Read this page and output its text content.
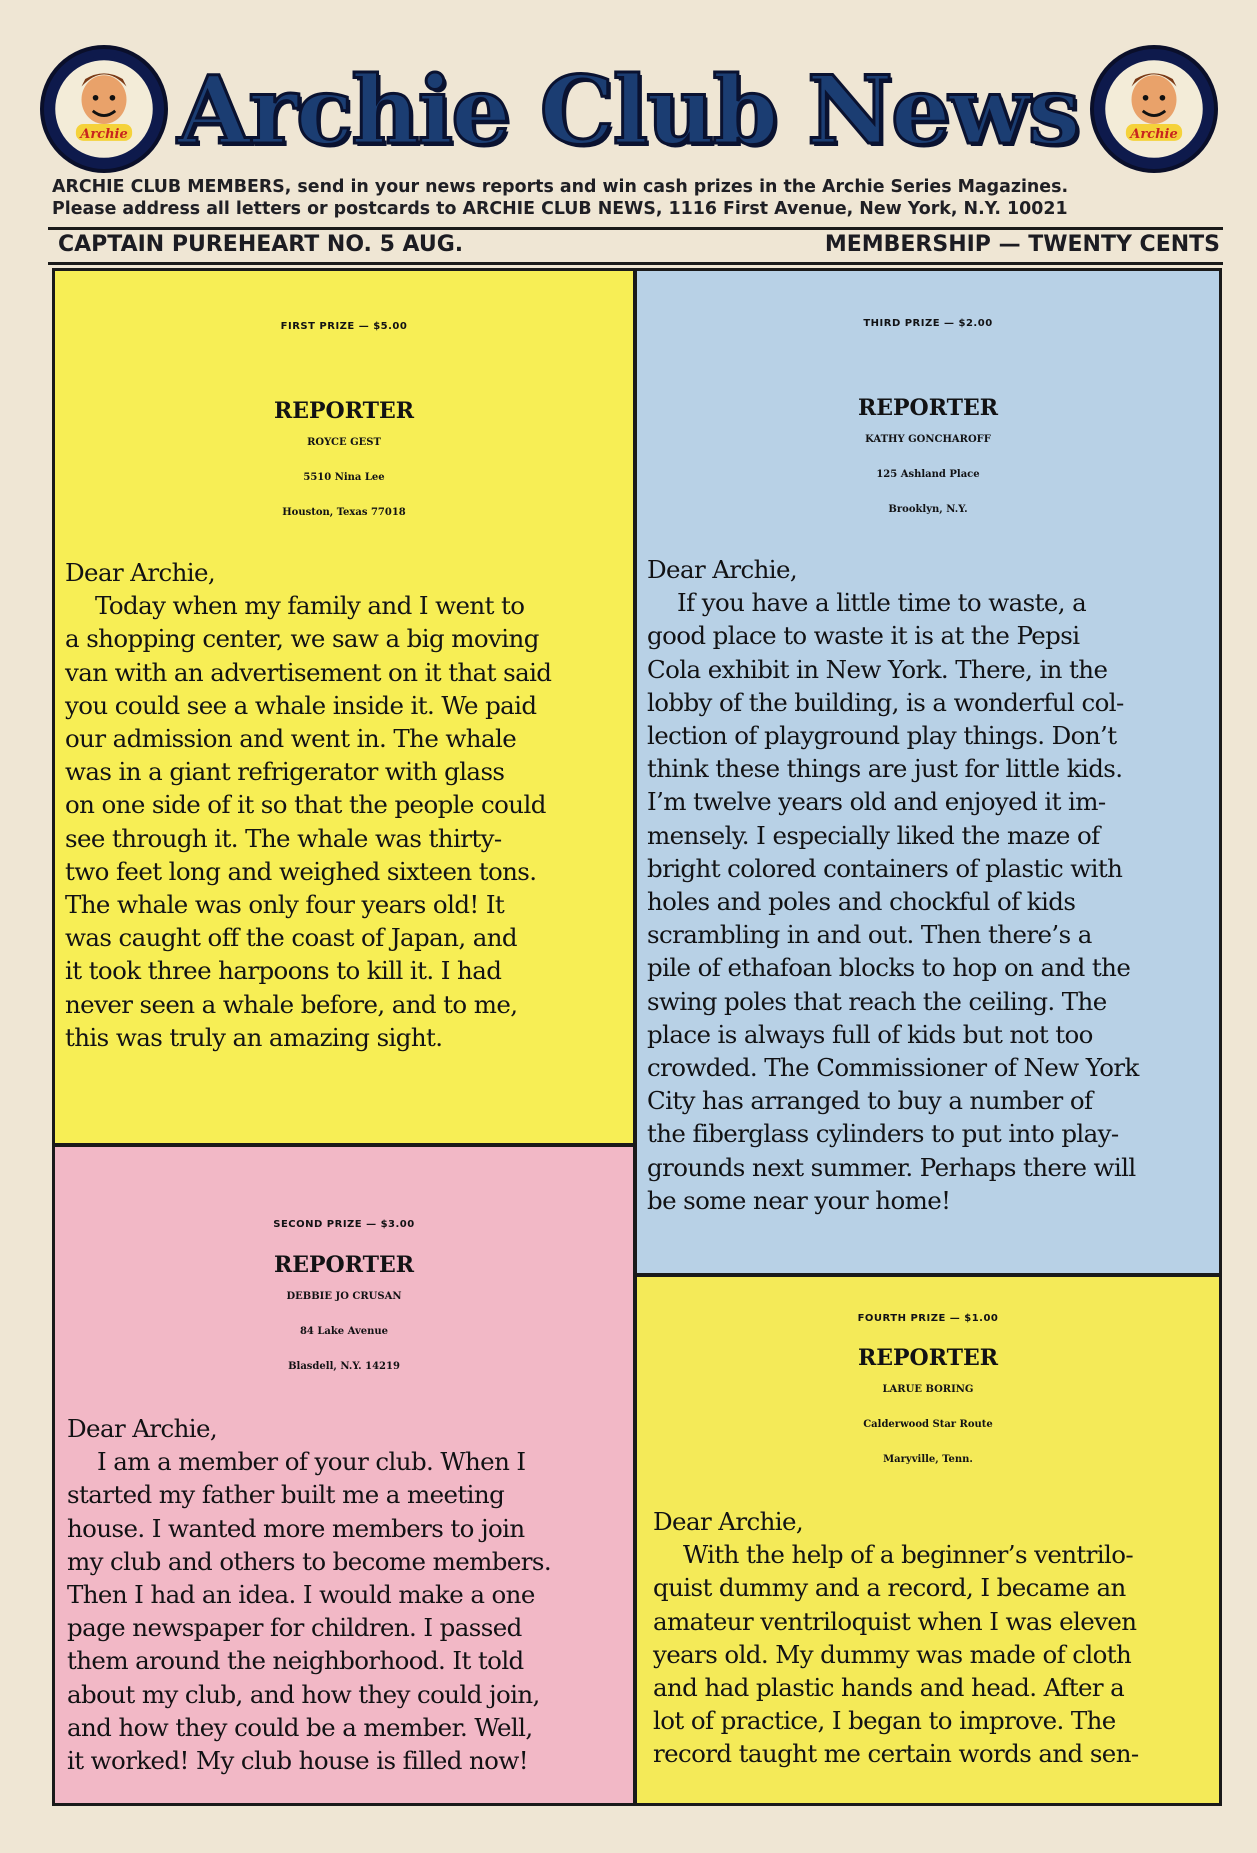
Archie Archie Club News	Archie
ARCHIE CLUB MEMBERS, send in your news reports and win cash prizes in the Archie Series Magazines.
Please address all letters or postcards to ARCHIE CLUB NEWS, 1116 First Avenue, New York, N.Y. 10021
CAPTAIN PUREHEART NO. 5 AUG.	MEMBERSHIP — TWENTY CENTS
FIRST PRIZE — $5.00
REPORTER
ROYCE GEST
5510 Nina Lee
Houston, Texas 77018
Dear Archie,
Today when my family and I went to
a shopping center, we saw a big moving
van with an advertisement on it that said
you could see a whale inside it. We paid
our admission and went in. The whale
was in a giant refrigerator with glass
on one side of it so that the people could
see through it. The whale was thirty-
two feet long and weighed sixteen tons.
The whale was only four years old! It
was caught off the coast of Japan, and
it took three harpoons to kill it. I had
never seen a whale before, and to me,
this was truly an amazing sight.
THIRD PRIZE — $2.00
REPORTER
KATHY GONCHAROFF
125 Ashland Place
Brooklyn, N.Y.
Dear Archie,
If you have a little time to waste, a
good place to waste it is at the Pepsi
Cola exhibit in New York. There, in the
lobby of the building, is a wonderful col-
lection of playground play things. Don’t
think these things are just for little kids.
I’m twelve years old and enjoyed it im-
mensely. I especially liked the maze of
bright colored containers of plastic with
holes and poles and chockful of kids
scrambling in and out. Then there’s a
pile of ethafoan blocks to hop on and the
swing poles that reach the ceiling. The
place is always full of kids but not too
crowded. The Commissioner of New York
City has arranged to buy a number of
the fiberglass cylinders to put into play-
grounds next summer. Perhaps there will
be some near your home!
SECOND PRIZE — $3.00
REPORTER
DEBBIE JO CRUSAN
84 Lake Avenue
Blasdell, N.Y. 14219
Dear Archie,
I am a member of your club. When I
started my father built me a meeting
house. I wanted more members to join
my club and others to become members.
Then I had an idea. I would make a one
page newspaper for children. I passed
them around the neighborhood. It told
about my club, and how they could join,
and how they could be a member. Well,
it worked! My club house is filled now!
FOURTH PRIZE — $1.00
REPORTER
LARUE BORING
Calderwood Star Route
Maryville, Tenn.
Dear Archie,
With the help of a beginner’s ventrilo-
quist dummy and a record, I became an
amateur ventriloquist when I was eleven
years old. My dummy was made of cloth
and had plastic hands and head. After a
lot of practice, I began to improve. The
record taught me certain words and sen-
